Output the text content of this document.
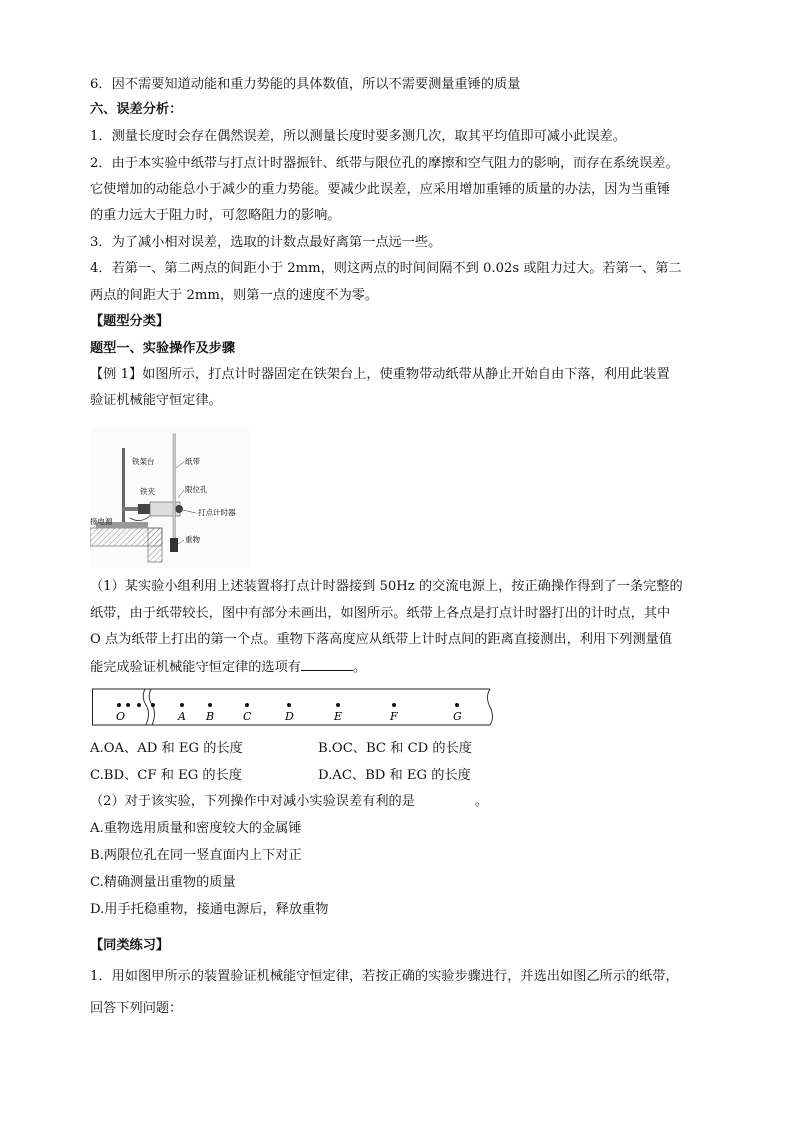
6．因不需要知道动能和重力势能的具体数值，所以不需要测量重锤的质量
六、误差分析：
1．测量长度时会存在偶然误差，所以测量长度时要多测几次，取其平均值即可减小此误差。
2．由于本实验中纸带与打点计时器振针、纸带与限位孔的摩擦和空气阻力的影响，而存在系统误差。
它使增加的动能总小于减少的重力势能。要减少此误差，应采用增加重锤的质量的办法，因为当重锤
的重力远大于阻力时，可忽略阻力的影响。
3．为了减小相对误差，选取的计数点最好离第一点远一些。
4．若第一、第二两点的间距小于 2mm，则这两点的时间间隔不到 0.02s 或阻力过大。若第一、第二
两点的间距大于 2mm，则第一点的速度不为零。
【题型分类】
题型一、实验操作及步骤
【例 1】如图所示，打点计时器固定在铁架台上，使重物带动纸带从静止开始自由下落，利用此装置
验证机械能守恒定律。
铁架台	纸带
铁夹	限位孔
打点计时器
接电源
重物
（1）某实验小组利用上述装置将打点计时器接到 50Hz 的交流电源上，按正确操作得到了一条完整的
纸带，由于纸带较长，图中有部分未画出，如图所示。纸带上各点是打点计时器打出的计时点，其中
O 点为纸带上打出的第一个点。重物下落高度应从纸带上计时点间的距离直接测出，利用下列测量值
能完成验证机械能守恒定律的选项有	。
O	A B	C	D	E	F	G
A.OA、AD 和 EG 的长度	B.OC、BC 和 CD 的长度
C.BD、CF 和 EG 的长度	D.AC、BD 和 EG 的长度
（2）对于该实验，下列操作中对减小实验误差有利的是	。
A.重物选用质量和密度较大的金属锤
B.两限位孔在同一竖直面内上下对正
C.精确测量出重物的质量
D.用手托稳重物，接通电源后，释放重物
【同类练习】
1．用如图甲所示的装置验证机械能守恒定律，若按正确的实验步骤进行，并选出如图乙所示的纸带，
回答下列问题：
